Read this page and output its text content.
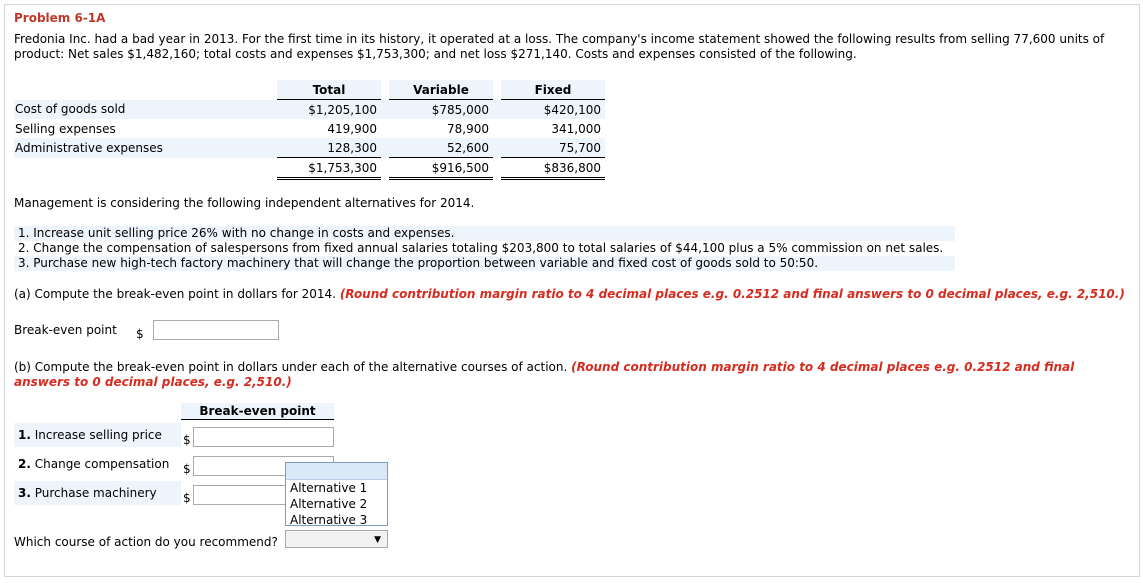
Problem 6-1A
Fredonia Inc. had a bad year in 2013. For the first time in its history, it operated at a loss. The company's income statement showed the following results from selling 77,600 units of product: Net sales $1,482,160; total costs and expenses $1,753,300; and net loss $271,140. Costs and expenses consisted of the following.
	Total		Variable		Fixed
Cost of goods sold	$1,205,100		$785,000		$420,100
Selling expenses	419,900		78,900		341,000
Administrative expenses	128,300		52,600		75,700
	$1,753,300		$916,500		$836,800
Management is considering the following independent alternatives for 2014.
1. Increase unit selling price 26% with no change in costs and expenses.
2. Change the compensation of salespersons from fixed annual salaries totaling $203,800 to total salaries of $44,100 plus a 5% commission on net sales.
3. Purchase new high-tech factory machinery that will change the proportion between variable and fixed cost of goods sold to 50:50.
(a) Compute the break-even point in dollars for 2014. (Round contribution margin ratio to 4 decimal places e.g. 0.2512 and final answers to 0 decimal places, e.g. 2,510.)
Break-even point $
(b) Compute the break-even point in dollars under each of the alternative courses of action. (Round contribution margin ratio to 4 decimal places e.g. 0.2512 and final answers to 0 decimal places, e.g. 2,510.)
Break-even point
1. Increase selling price $
2. Change compensation $
3. Purchase machinery $
Alternative 1
Alternative 2
Alternative 3
Which course of action do you recommend?	▼
